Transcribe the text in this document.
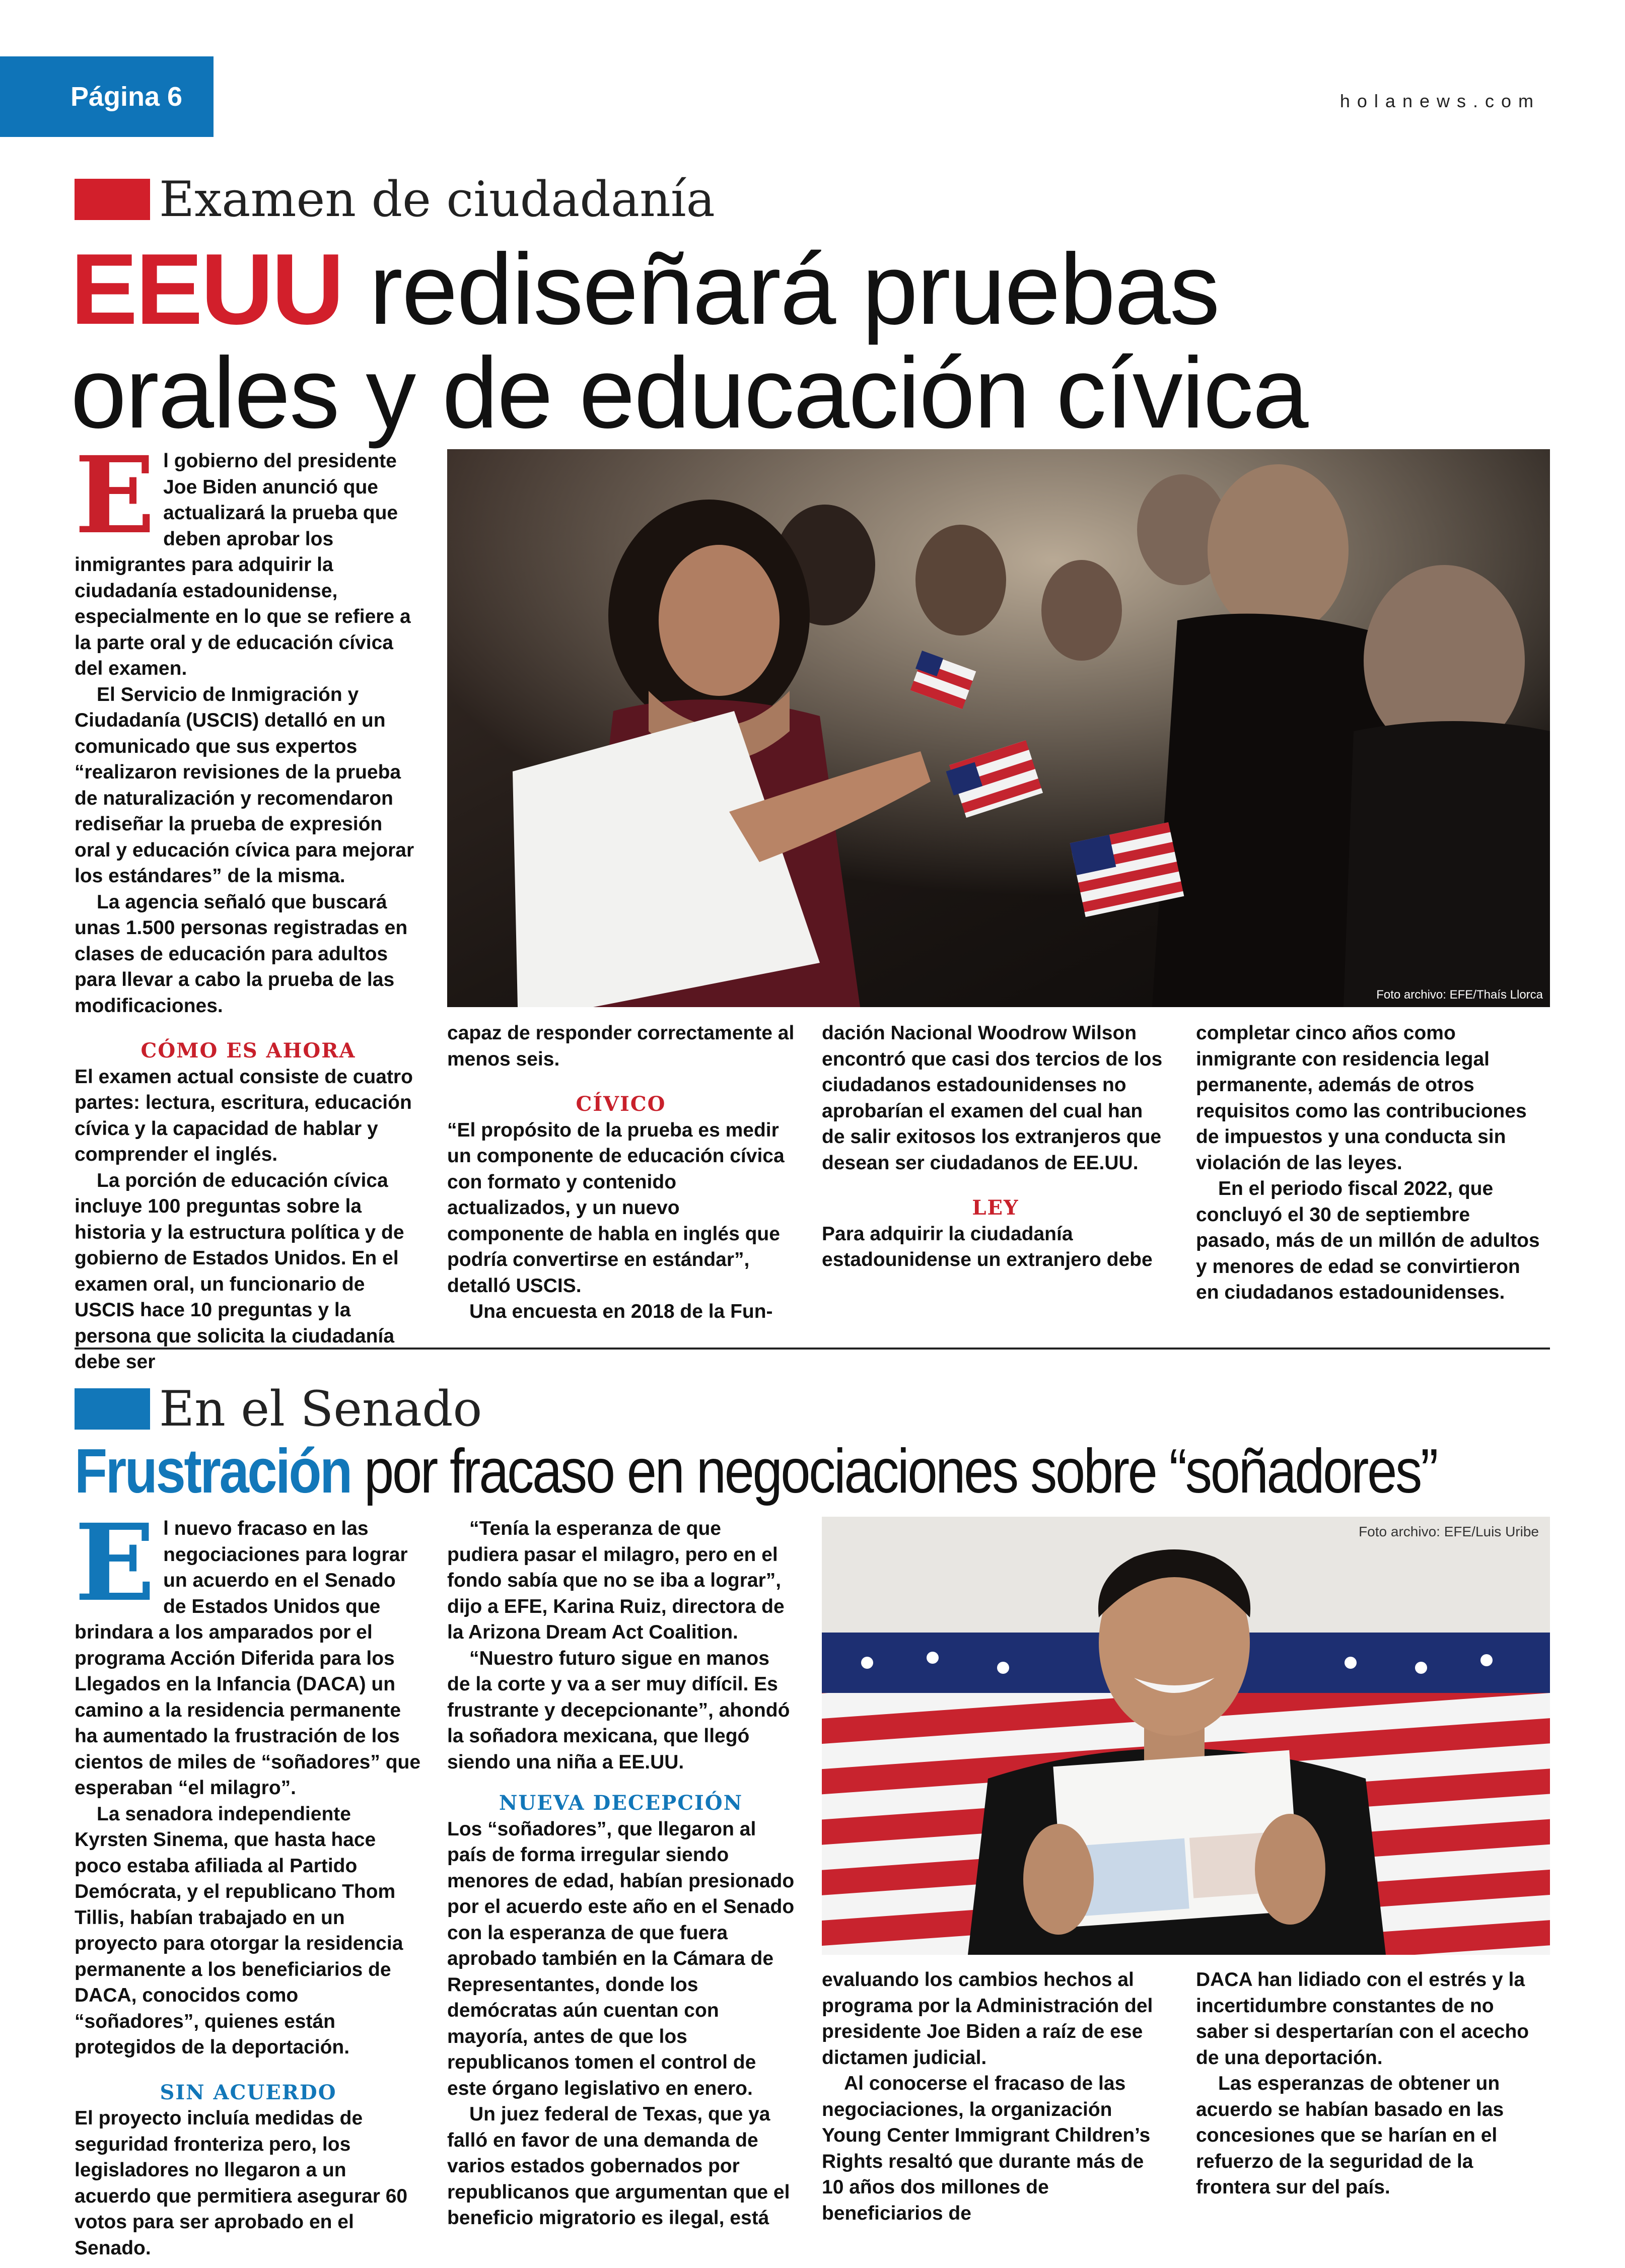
Página 6	holanews.com
Examen de ciudadanía
EEUU rediseñará pruebas
orales y de educación cívica

El gobierno del presidente Joe Biden anunció que actualizará la prueba que deben aprobar los inmigrantes para adquirir la ciudadanía estadounidense, especialmente en lo que se refiere a la parte oral y de educación cívica del examen.

El Servicio de Inmigración y Ciudadanía (USCIS) detalló en un comunicado que sus expertos “realizaron revisiones de la prueba de naturalización y recomendaron rediseñar la prueba de expresión oral y educación cívica para mejorar los estándares” de la misma.

La agencia señaló que buscará unas 1.500 personas registradas en clases de educación para adultos para llevar a cabo la prueba de las modificaciones.

CÓMO ES AHORA

El examen actual consiste de cuatro partes: lectura, escritura, educación cívica y la capacidad de hablar y comprender el inglés.

La porción de educación cívica incluye 100 preguntas sobre la historia y la estructura política y de gobierno de Estados Unidos. En el examen oral, un funcionario de USCIS hace 10 preguntas y la persona que solicita la ciudadanía debe ser

Foto archivo: EFE/Thaís Llorca

capaz de responder correctamente al menos seis.

CÍVICO

“El propósito de la prueba es medir un componente de educación cívica con formato y contenido actualizados, y un nuevo componente de habla en inglés que podría convertirse en estándar”, detalló USCIS.

Una encuesta en 2018 de la Fun-

dación Nacional Woodrow Wilson encontró que casi dos tercios de los ciudadanos estadounidenses no aprobarían el examen del cual han de salir exitosos los extranjeros que desean ser ciudadanos de EE.UU.

LEY

Para adquirir la ciudadanía estadounidense un extranjero debe

completar cinco años como inmigrante con residencia legal permanente, además de otros requisitos como las contribuciones de impuestos y una conducta sin violación de las leyes.

En el periodo fiscal 2022, que concluyó el 30 de septiembre pasado, más de un millón de adultos y menores de edad se convirtieron en ciudadanos estadounidenses.

En el Senado
Frustración por fracaso en negociaciones sobre “soñadores”

El nuevo fracaso en las negociaciones para lograr un acuerdo en el Senado de Estados Unidos que brindara a los amparados por el programa Acción Diferida para los Llegados en la Infancia (DACA) un camino a la residencia permanente ha aumentado la frustración de los cientos de miles de “soñadores” que esperaban “el milagro”.

La senadora independiente Kyrsten Sinema, que hasta hace poco estaba afiliada al Partido Demócrata, y el republicano Thom Tillis, habían trabajado en un proyecto para otorgar la residencia permanente a los beneficiarios de DACA, conocidos como “soñadores”, quienes están protegidos de la deportación.

SIN ACUERDO

El proyecto incluía medidas de seguridad fronteriza pero, los legisladores no llegaron a un acuerdo que permitiera asegurar 60 votos para ser aprobado en el Senado.

“Tenía la esperanza de que pudiera pasar el milagro, pero en el fondo sabía que no se iba a lograr”, dijo a EFE, Karina Ruiz, directora de la Arizona Dream Act Coalition.

“Nuestro futuro sigue en manos de la corte y va a ser muy difícil. Es frustrante y decepcionante”, ahondó la soñadora mexicana, que llegó siendo una niña a EE.UU.

NUEVA DECEPCIÓN

Los “soñadores”, que llegaron al país de forma irregular siendo menores de edad, habían presionado por el acuerdo este año en el Senado con la esperanza de que fuera aprobado también en la Cámara de Representantes, donde los demócratas aún cuentan con mayoría, antes de que los republicanos tomen el control de este órgano legislativo en enero.

Un juez federal de Texas, que ya falló en favor de una demanda de varios estados gobernados por republicanos que argumentan que el beneficio migratorio es ilegal, está

Foto archivo: EFE/Luis Uribe

evaluando los cambios hechos al programa por la Administración del presidente Joe Biden a raíz de ese dictamen judicial.

Al conocerse el fracaso de las negociaciones, la organización Young Center Immigrant Children’s Rights resaltó que durante más de 10 años dos millones de beneficiarios de

DACA han lidiado con el estrés y la incertidumbre constantes de no saber si despertarían con el acecho de una deportación.

Las esperanzas de obtener un acuerdo se habían basado en las concesiones que se harían en el refuerzo de la seguridad de la frontera sur del país.
